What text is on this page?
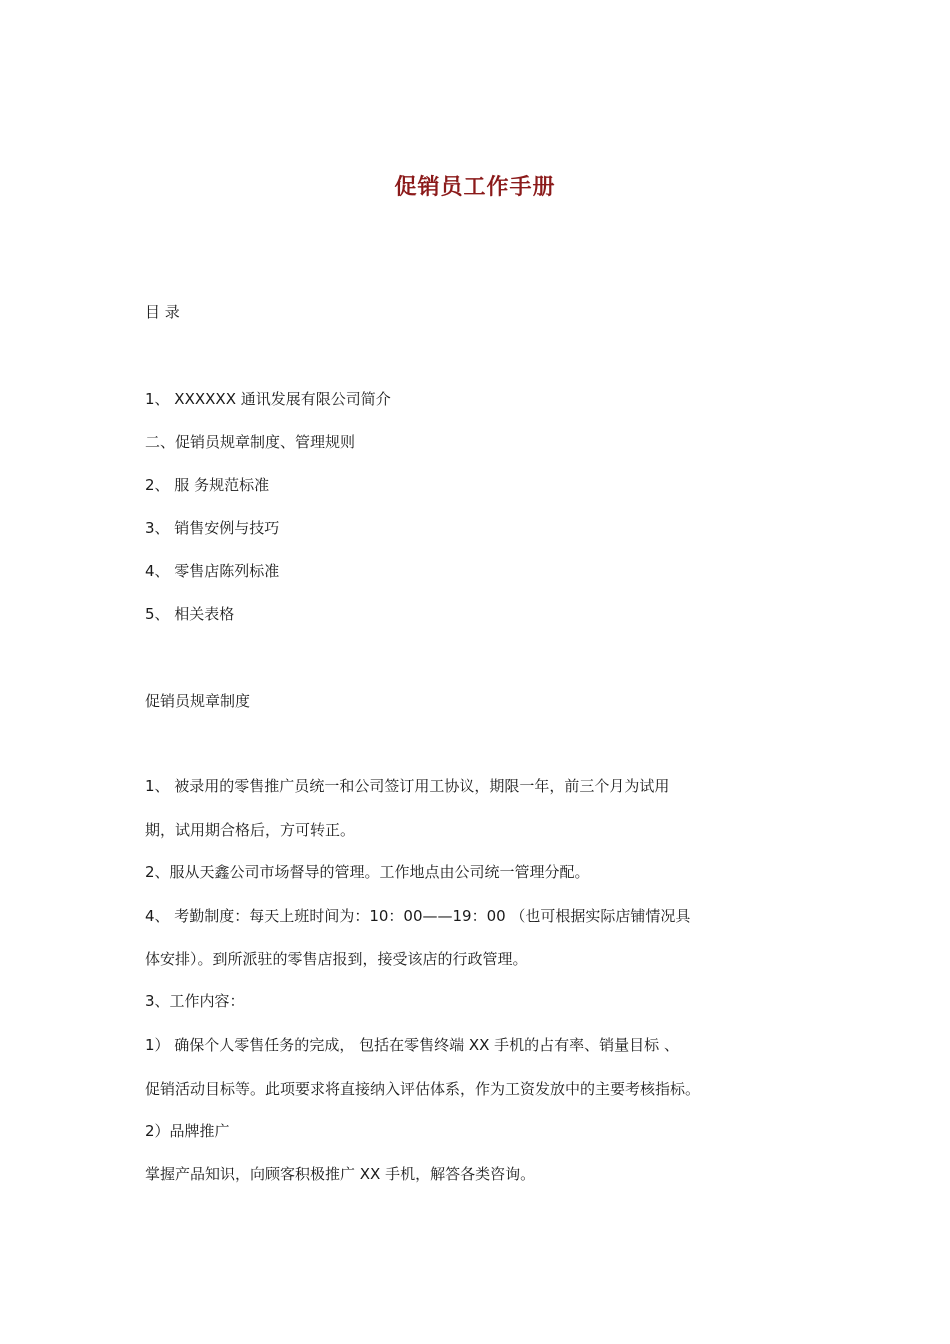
促销员工作手册
目 录
1、 XXXXXX 通讯发展有限公司简介
二、促销员规章制度、管理规则
2、 服 务规范标准
3、 销售安例与技巧
4、 零售店陈列标准
5、 相关表格
促销员规章制度
1、 被录用的零售推广员统一和公司签订用工协议，期限一年，前三个月为试用
期，试用期合格后，方可转正。
2、服从天鑫公司市场督导的管理。工作地点由公司统一管理分配。
4、 考勤制度：每天上班时间为：10：00——19：00 （也可根据实际店铺情况具
体安排）。到所派驻的零售店报到，接受该店的行政管理。
3、工作内容：
1） 确保个人零售任务的完成， 包括在零售终端 XX 手机的占有率、销量目标 、
促销活动目标等。此项要求将直接纳入评估体系，作为工资发放中的主要考核指标。
2）品牌推广
掌握产品知识，向顾客积极推广 XX 手机，解答各类咨询。
